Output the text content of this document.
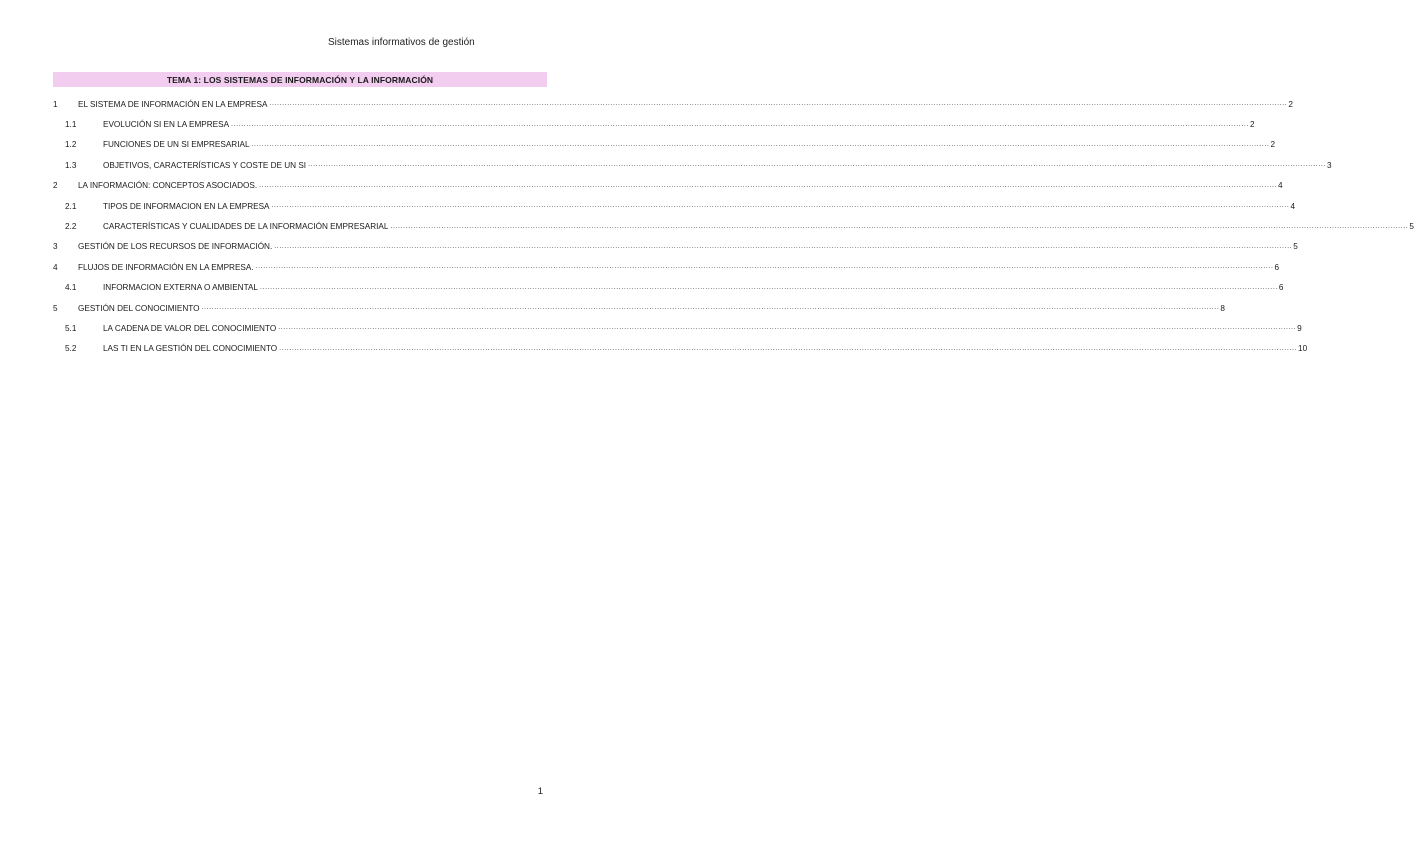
Sistemas informativos de gestión
TEMA 1: LOS SISTEMAS DE INFORMACIÓN Y LA INFORMACIÓN
1	EL SISTEMA DE INFORMACIÓN EN LA EMPRESA ................................................................................................................................................................................................................................................................................................................................................................................................................ 2
1.1	EVOLUCIÓN SI EN LA EMPRESA ................................................................................................................................................................................................................................................................................................................................................................................................................ 2
1.2	FUNCIONES DE UN SI EMPRESARIAL ................................................................................................................................................................................................................................................................................................................................................................................................................ 2
1.3	OBJETIVOS, CARACTERÍSTICAS Y COSTE DE UN SI ................................................................................................................................................................................................................................................................................................................................................................................................................ 3
2	LA INFORMACIÓN: CONCEPTOS ASOCIADOS. ................................................................................................................................................................................................................................................................................................................................................................................................................ 4
2.1	TIPOS DE INFORMACION EN LA EMPRESA ................................................................................................................................................................................................................................................................................................................................................................................................................ 4
2.2	CARACTERÍSTICAS Y CUALIDADES DE LA INFORMACIÓN EMPRESARIAL ................................................................................................................................................................................................................................................................................................................................................................................................................ 5
3	GESTIÓN DE LOS RECURSOS DE INFORMACIÓN. ................................................................................................................................................................................................................................................................................................................................................................................................................ 5
4	FLUJOS DE INFORMACIÓN EN LA EMPRESA. ................................................................................................................................................................................................................................................................................................................................................................................................................ 6
4.1	INFORMACION EXTERNA O AMBIENTAL ................................................................................................................................................................................................................................................................................................................................................................................................................ 6
5	GESTIÓN DEL CONOCIMIENTO ................................................................................................................................................................................................................................................................................................................................................................................................................ 8
5.1	LA CADENA DE VALOR DEL CONOCIMIENTO ................................................................................................................................................................................................................................................................................................................................................................................................................ 9
5.2	LAS TI EN LA GESTIÓN DEL CONOCIMIENTO ................................................................................................................................................................................................................................................................................................................................................................................................................ 10
1
